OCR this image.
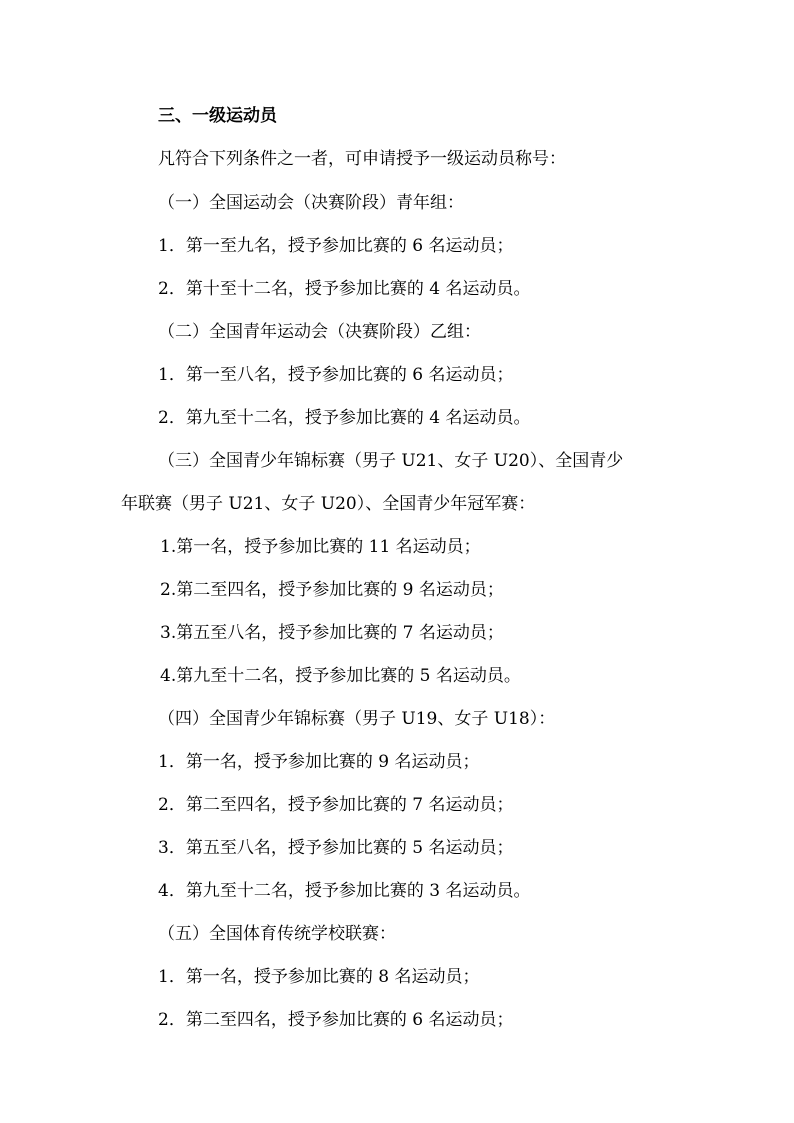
三、一级运动员
凡符合下列条件之一者，可申请授予一级运动员称号：
（一）全国运动会（决赛阶段）青年组：
1．第一至九名，授予参加比赛的 6 名运动员；
2．第十至十二名，授予参加比赛的 4 名运动员。
（二）全国青年运动会（决赛阶段）乙组：
1．第一至八名，授予参加比赛的 6 名运动员；
2．第九至十二名，授予参加比赛的 4 名运动员。
（三）全国青少年锦标赛（男子 U21、女子 U20）、全国青少
年联赛（男子 U21、女子 U20）、全国青少年冠军赛：
1.第一名，授予参加比赛的 11 名运动员；
2.第二至四名，授予参加比赛的 9 名运动员；
3.第五至八名，授予参加比赛的 7 名运动员；
4.第九至十二名，授予参加比赛的 5 名运动员。
（四）全国青少年锦标赛（男子 U19、女子 U18）：
1．第一名，授予参加比赛的 9 名运动员；
2．第二至四名，授予参加比赛的 7 名运动员；
3．第五至八名，授予参加比赛的 5 名运动员；
4．第九至十二名，授予参加比赛的 3 名运动员。
（五）全国体育传统学校联赛：
1．第一名，授予参加比赛的 8 名运动员；
2．第二至四名，授予参加比赛的 6 名运动员；
